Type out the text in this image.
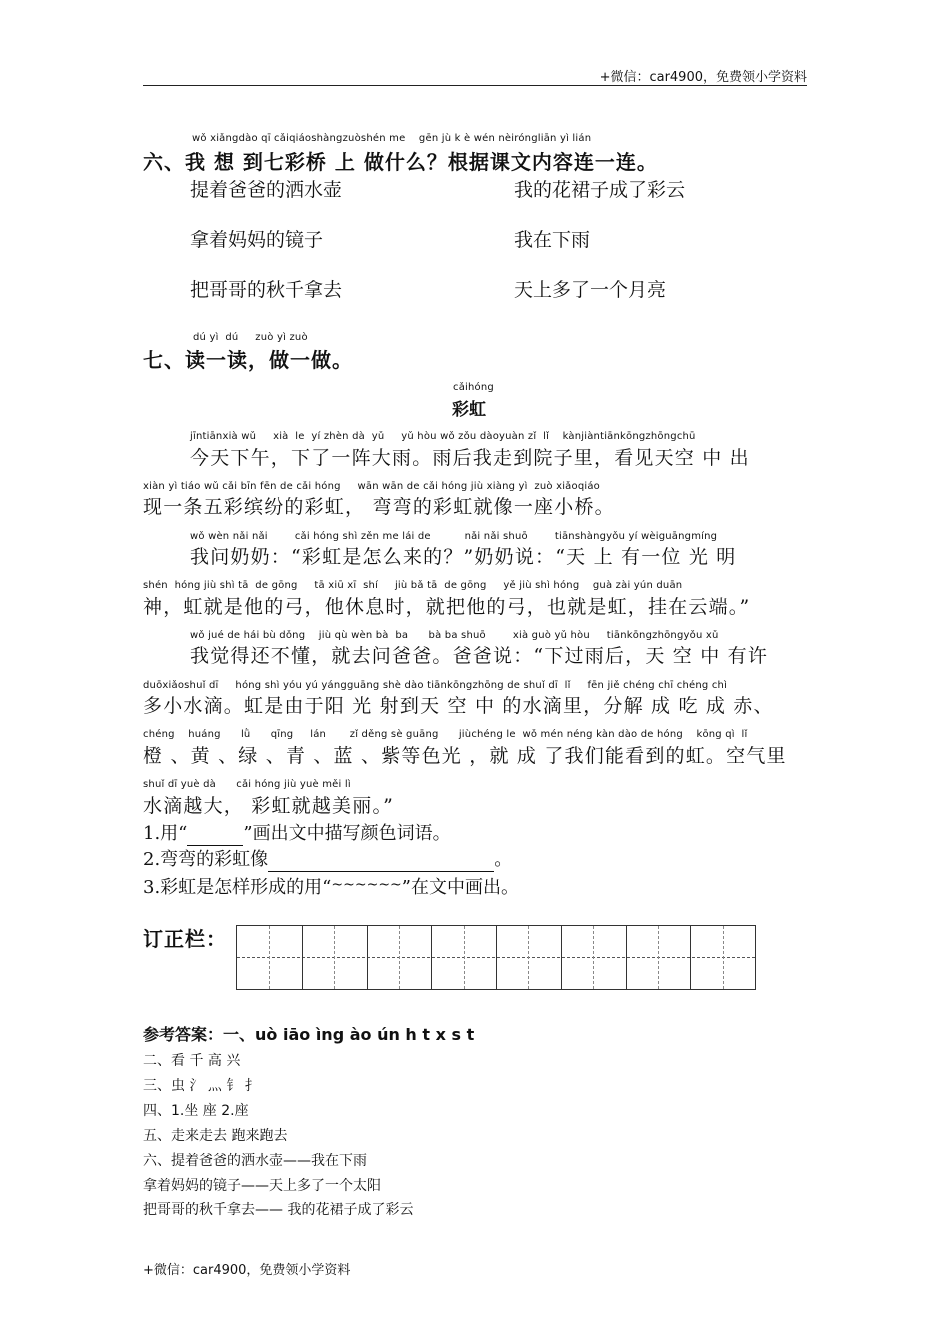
+微信：car4900，免费领小学资料
wǒ xiǎngdào qī cǎiqiáoshàngzuòshén me    gēn jù k è wén nèiróngliān yì lián
六、我 想 到七彩桥 上 做什么？根据课文内容连一连。
提着爸爸的洒水壶
拿着妈妈的镜子
把哥哥的秋千拿去
我的花裙子成了彩云
我在下雨
天上多了一个月亮
dú yì  dú     zuò yì zuò
七、读一读，做一做。
cǎihóng
彩虹
jīntiānxià wǔ     xià  le  yí zhèn dà  yǔ     yǔ hòu wǒ zǒu dàoyuàn zǐ  lǐ    kànjiàntiānkōngzhōngchū
今天下午，下了一阵大雨。雨后我走到院子里，看见天空 中 出
xiàn yì tiáo wǔ cǎi bīn fēn de cǎi hóng     wān wān de cǎi hóng jiù xiàng yì  zuò xiǎoqiáo
现一条五彩缤纷的彩虹， 弯弯的彩虹就像一座小桥。
wǒ wèn nǎi nǎi        cǎi hóng shì zěn me lái de          nǎi nǎi shuō        tiānshàngyǒu yí wèiguāngmíng
我问奶奶：“彩虹是怎么来的？”奶奶说：“天 上 有一位 光 明
shén  hóng jiù shì tā  de gōng     tā xiū xī  shí     jiù bǎ tā  de gōng     yě jiù shì hóng    guà zài yún duān
神，虹就是他的弓，他休息时，就把他的弓，也就是虹，挂在云端。”
wǒ jué de hái bù dǒng    jiù qù wèn bà  ba      bà ba shuō        xià guò yǔ hòu     tiānkōngzhōngyǒu xǔ
我觉得还不懂，就去问爸爸。爸爸说：“下过雨后，天 空 中 有许
duōxiǎoshuǐ dī     hóng shì yóu yú yángguāng shè dào tiānkōngzhōng de shuǐ dī  lǐ     fēn jiě chéng chī chéng chì
多小水滴。虹是由于阳 光 射到天 空 中 的水滴里，分解 成 吃 成 赤、
chéng    huáng      lǜ      qīng     lán       zǐ děng sè guāng      jiùchéng le  wǒ mén néng kàn dào de hóng    kōng qì  lǐ
橙 、黄 、绿 、青 、蓝 、紫等色光 ，就 成 了我们能看到的虹。空气里
shuǐ dī yuè dà      cǎi hóng jiù yuè měi lì
水滴越大， 彩虹就越美丽。”
1.用“	”画出文中描写颜色词语。
2.弯弯的彩虹像	。
3.彩虹是怎样形成的用“~~~~~~”在文中画出。
订正栏：
参考答案：一、uò iāo ìng ào ún h t x s t
二、看 千 高 兴
三、虫 氵 灬 钅 扌
四、1.坐 座 2.座
五、走来走去 跑来跑去
六、提着爸爸的洒水壶——我在下雨
拿着妈妈的镜子——天上多了一个太阳
把哥哥的秋千拿去—— 我的花裙子成了彩云
+微信：car4900，免费领小学资料
